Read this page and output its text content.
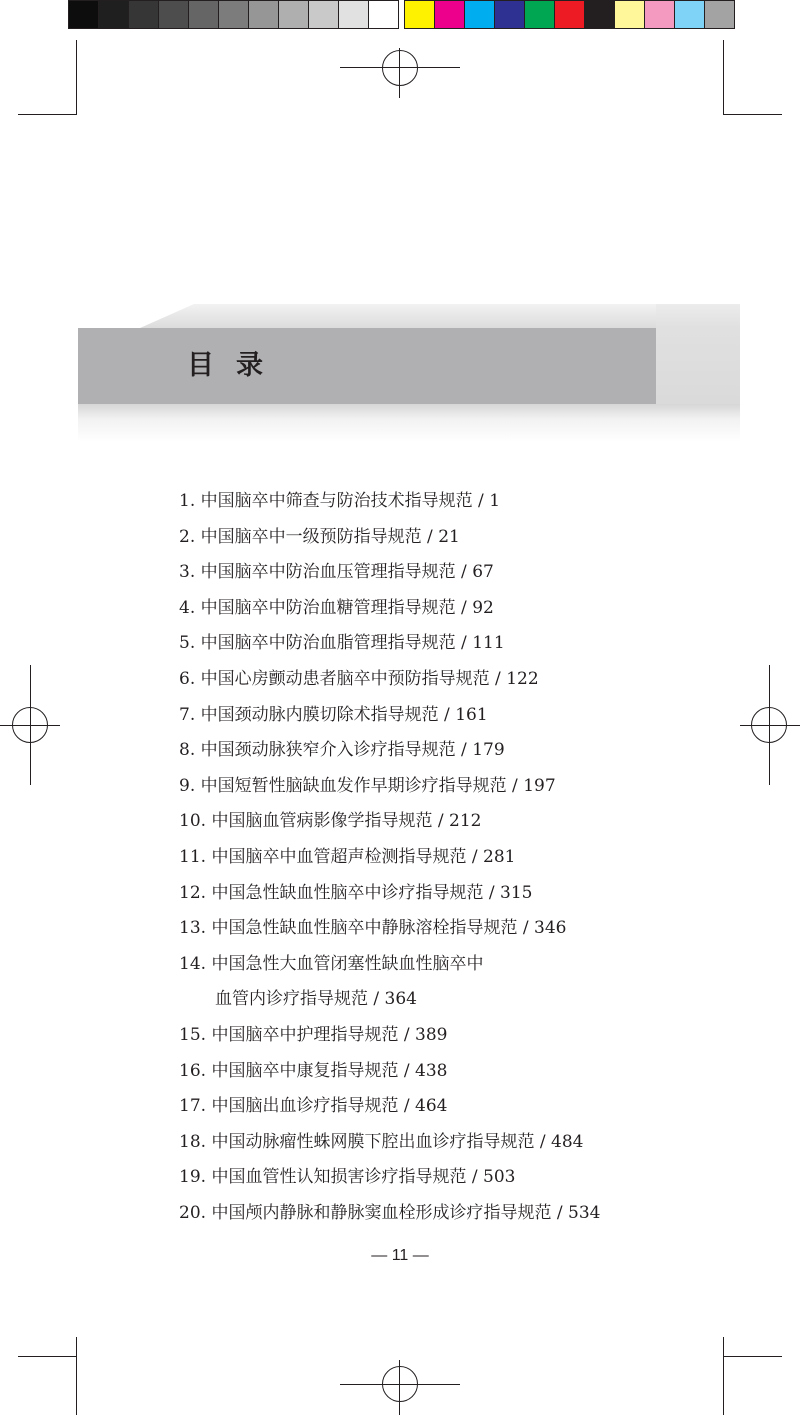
目录
1. 中国脑卒中筛查与防治技术指导规范 / 1
2. 中国脑卒中一级预防指导规范 / 21
3. 中国脑卒中防治血压管理指导规范 / 67
4. 中国脑卒中防治血糖管理指导规范 / 92
5. 中国脑卒中防治血脂管理指导规范 / 111
6. 中国心房颤动患者脑卒中预防指导规范 / 122
7. 中国颈动脉内膜切除术指导规范 / 161
8. 中国颈动脉狭窄介入诊疗指导规范 / 179
9. 中国短暂性脑缺血发作早期诊疗指导规范 / 197
10. 中国脑血管病影像学指导规范 / 212
11. 中国脑卒中血管超声检测指导规范 / 281
12. 中国急性缺血性脑卒中诊疗指导规范 / 315
13. 中国急性缺血性脑卒中静脉溶栓指导规范 / 346
14. 中国急性大血管闭塞性缺血性脑卒中
血管内诊疗指导规范 / 364
15. 中国脑卒中护理指导规范 / 389
16. 中国脑卒中康复指导规范 / 438
17. 中国脑出血诊疗指导规范 / 464
18. 中国动脉瘤性蛛网膜下腔出血诊疗指导规范 / 484
19. 中国血管性认知损害诊疗指导规范 / 503
20. 中国颅内静脉和静脉窦血栓形成诊疗指导规范 / 534
— 11 —
